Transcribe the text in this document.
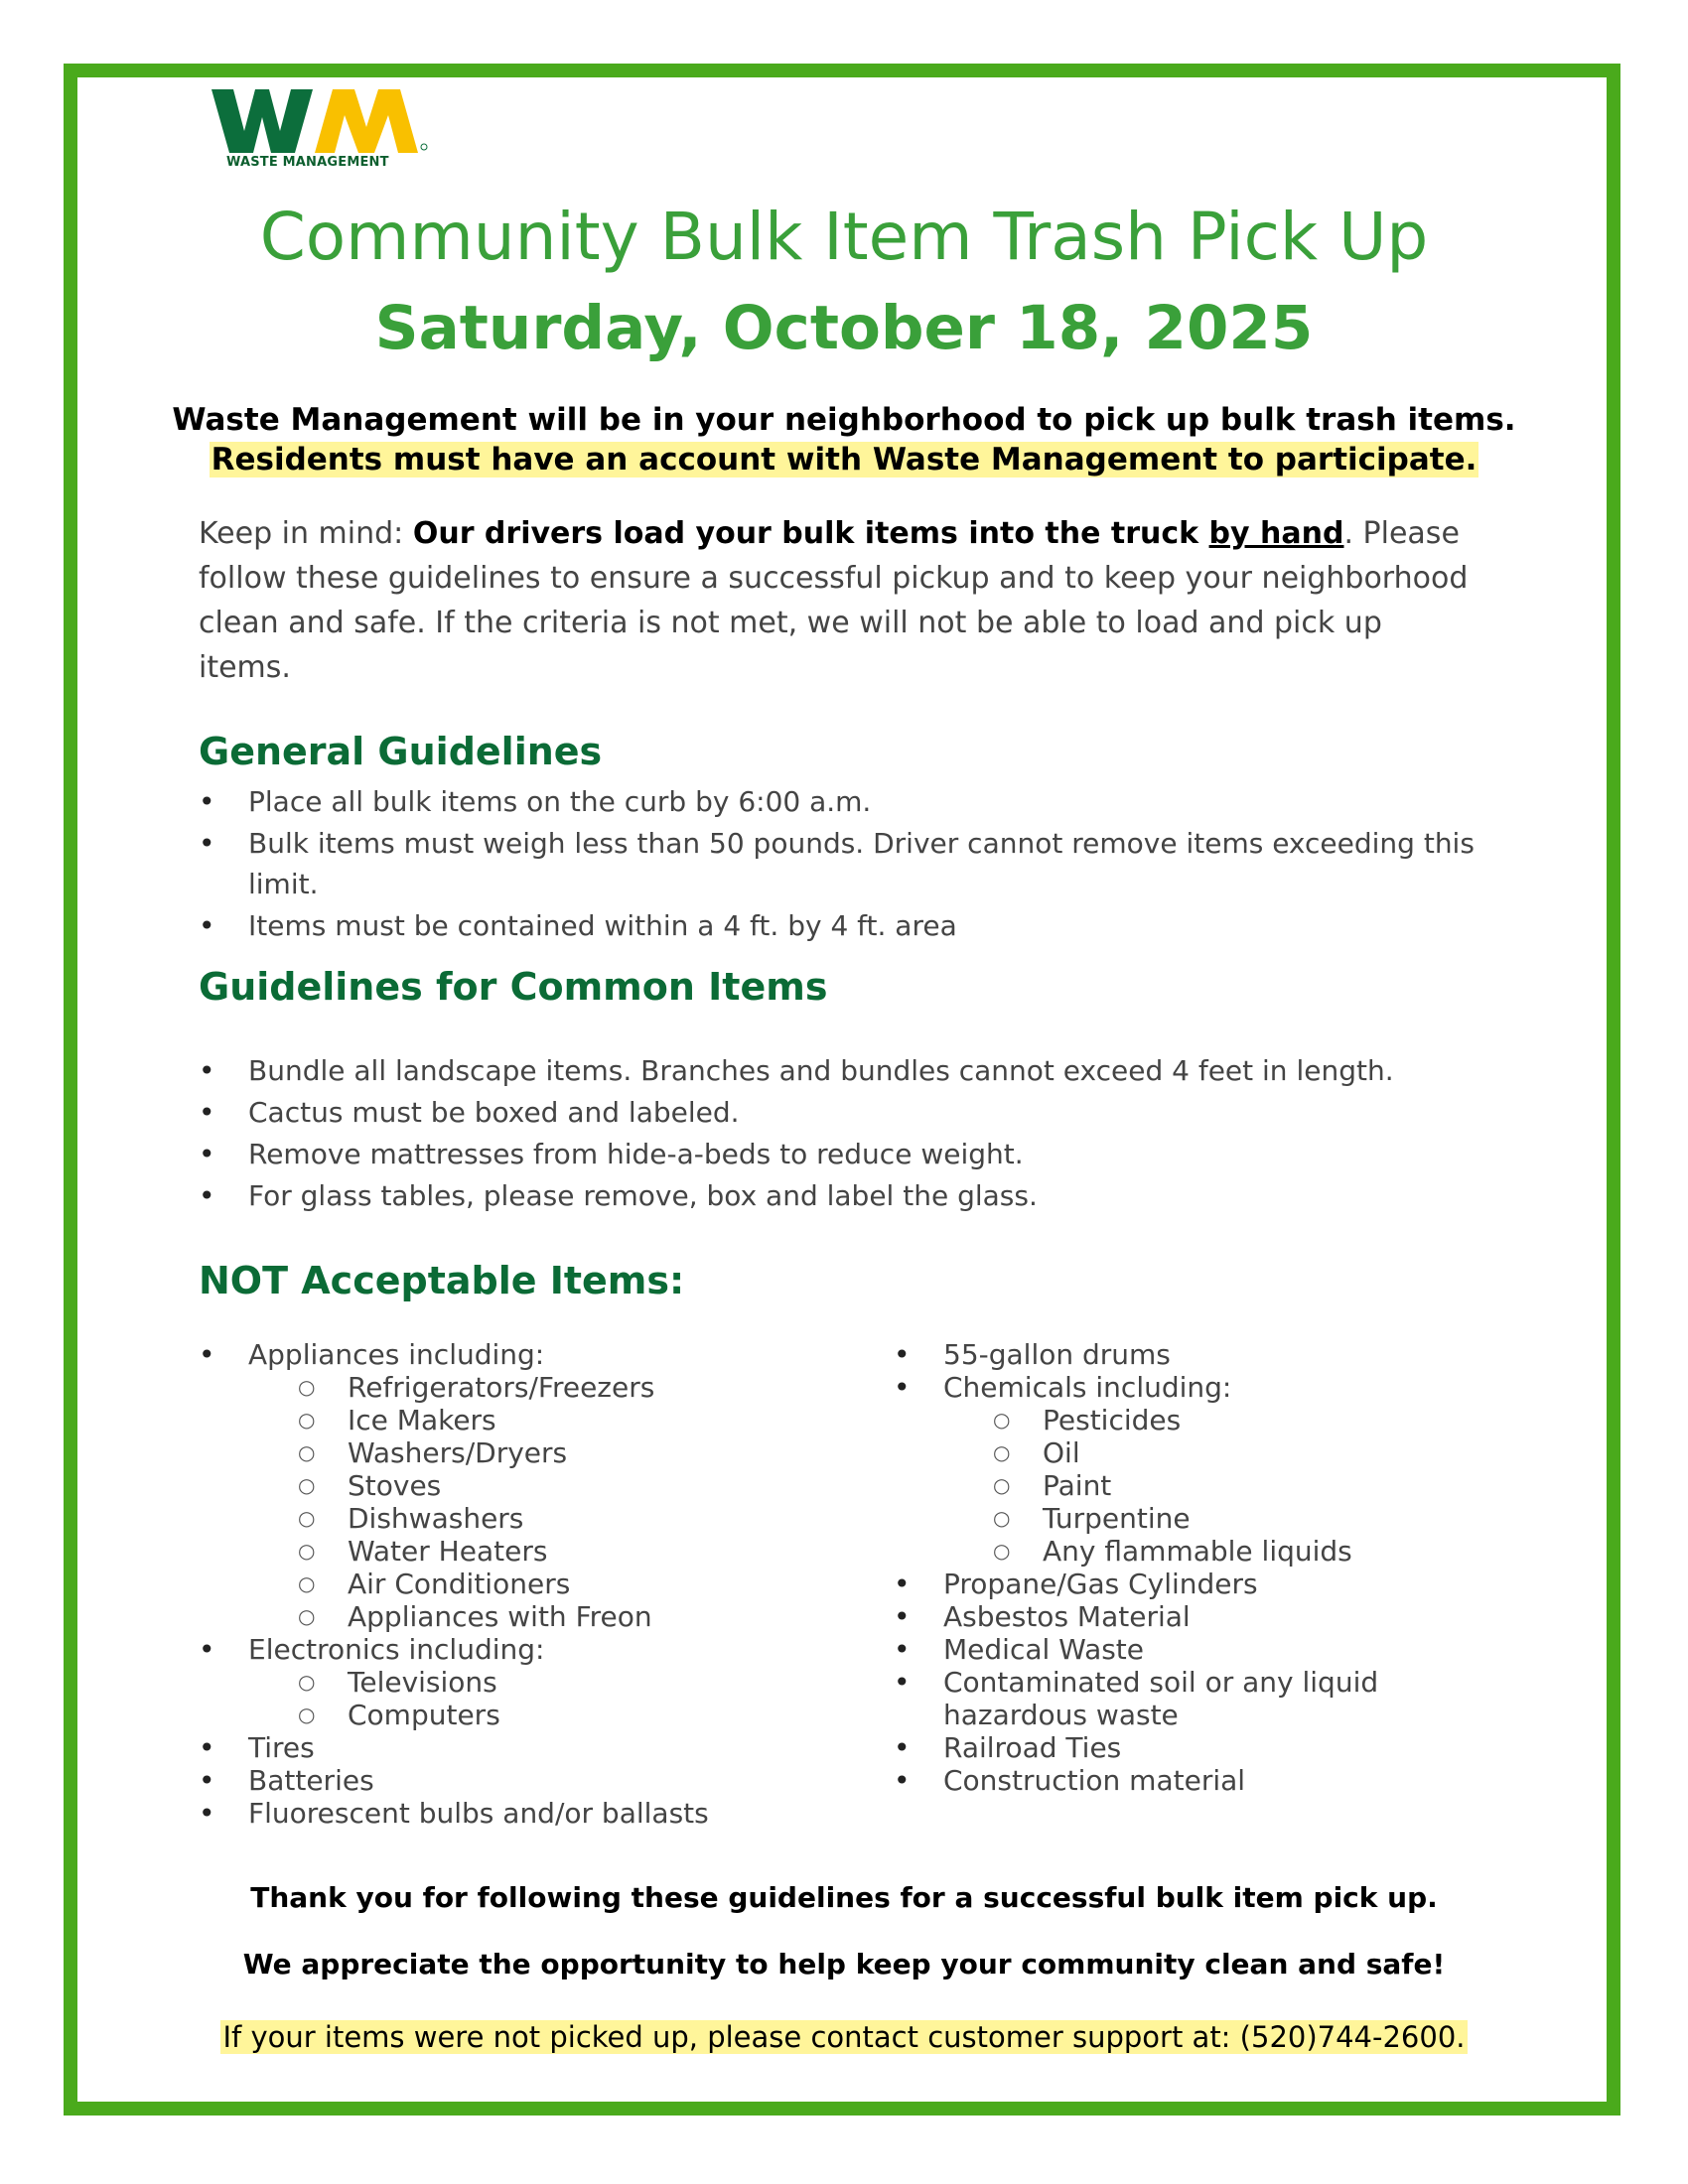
WASTE MANAGEMENT
Community Bulk Item Trash Pick Up
Saturday, October 18, 2025
Waste Management will be in your neighborhood to pick up bulk trash items.
Residents must have an account with Waste Management to participate.
Keep in mind: Our drivers load your bulk items into the truck by hand. Please follow these guidelines to ensure a successful pickup and to keep your neighborhood clean and safe. If the criteria is not met, we will not be able to load and pick up items.
General Guidelines
• Place all bulk items on the curb by 6:00 a.m.
• Bulk items must weigh less than 50 pounds. Driver cannot remove items exceeding this limit.
• Items must be contained within a 4 ft. by 4 ft. area
Guidelines for Common Items
• Bundle all landscape items. Branches and bundles cannot exceed 4 feet in length.
• Cactus must be boxed and labeled.
• Remove mattresses from hide-a-beds to reduce weight.
• For glass tables, please remove, box and label the glass.
NOT Acceptable Items:
• Appliances including:
○ Refrigerators/Freezers
○ Ice Makers
○ Washers/Dryers
○ Stoves
○ Dishwashers
○ Water Heaters
○ Air Conditioners
○ Appliances with Freon
• Electronics including:
○ Televisions
○ Computers
• Tires
• Batteries
• Fluorescent bulbs and/or ballasts
• 55-gallon drums
• Chemicals including:
○ Pesticides
○ Oil
○ Paint
○ Turpentine
○ Any flammable liquids
• Propane/Gas Cylinders
• Asbestos Material
• Medical Waste
• Contaminated soil or any liquid hazardous waste
• Railroad Ties
• Construction material
Thank you for following these guidelines for a successful bulk item pick up.
We appreciate the opportunity to help keep your community clean and safe!
If your items were not picked up, please contact customer support at: (520)744-2600.
